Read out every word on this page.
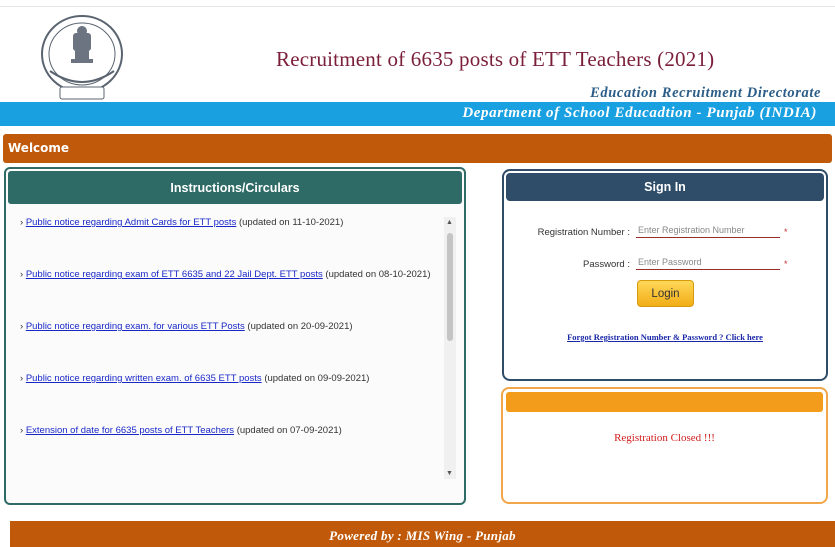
Recruitment of 6635 posts of ETT Teachers (2021)
Education Recruitment Directorate
Department of School Educadtion - Punjab (INDIA)
Welcome
Instructions/Circulars
› Public notice regarding Admit Cards for ETT posts (updated on 11-10-2021)
› Public notice regarding exam of ETT 6635 and 22 Jail Dept. ETT posts (updated on 08-10-2021)
› Public notice regarding exam. for various ETT Posts (updated on 20-09-2021)
› Public notice regarding written exam. of 6635 ETT posts (updated on 09-09-2021)
› Extension of date for 6635 posts of ETT Teachers (updated on 07-09-2021)
▲
▼
Sign In
Registration Number :
Enter Registration Number	*
Password :	*
Login
Forgot Registration Number & Password ? Click here
Registration Closed !!!
Powered by : MIS Wing - Punjab
